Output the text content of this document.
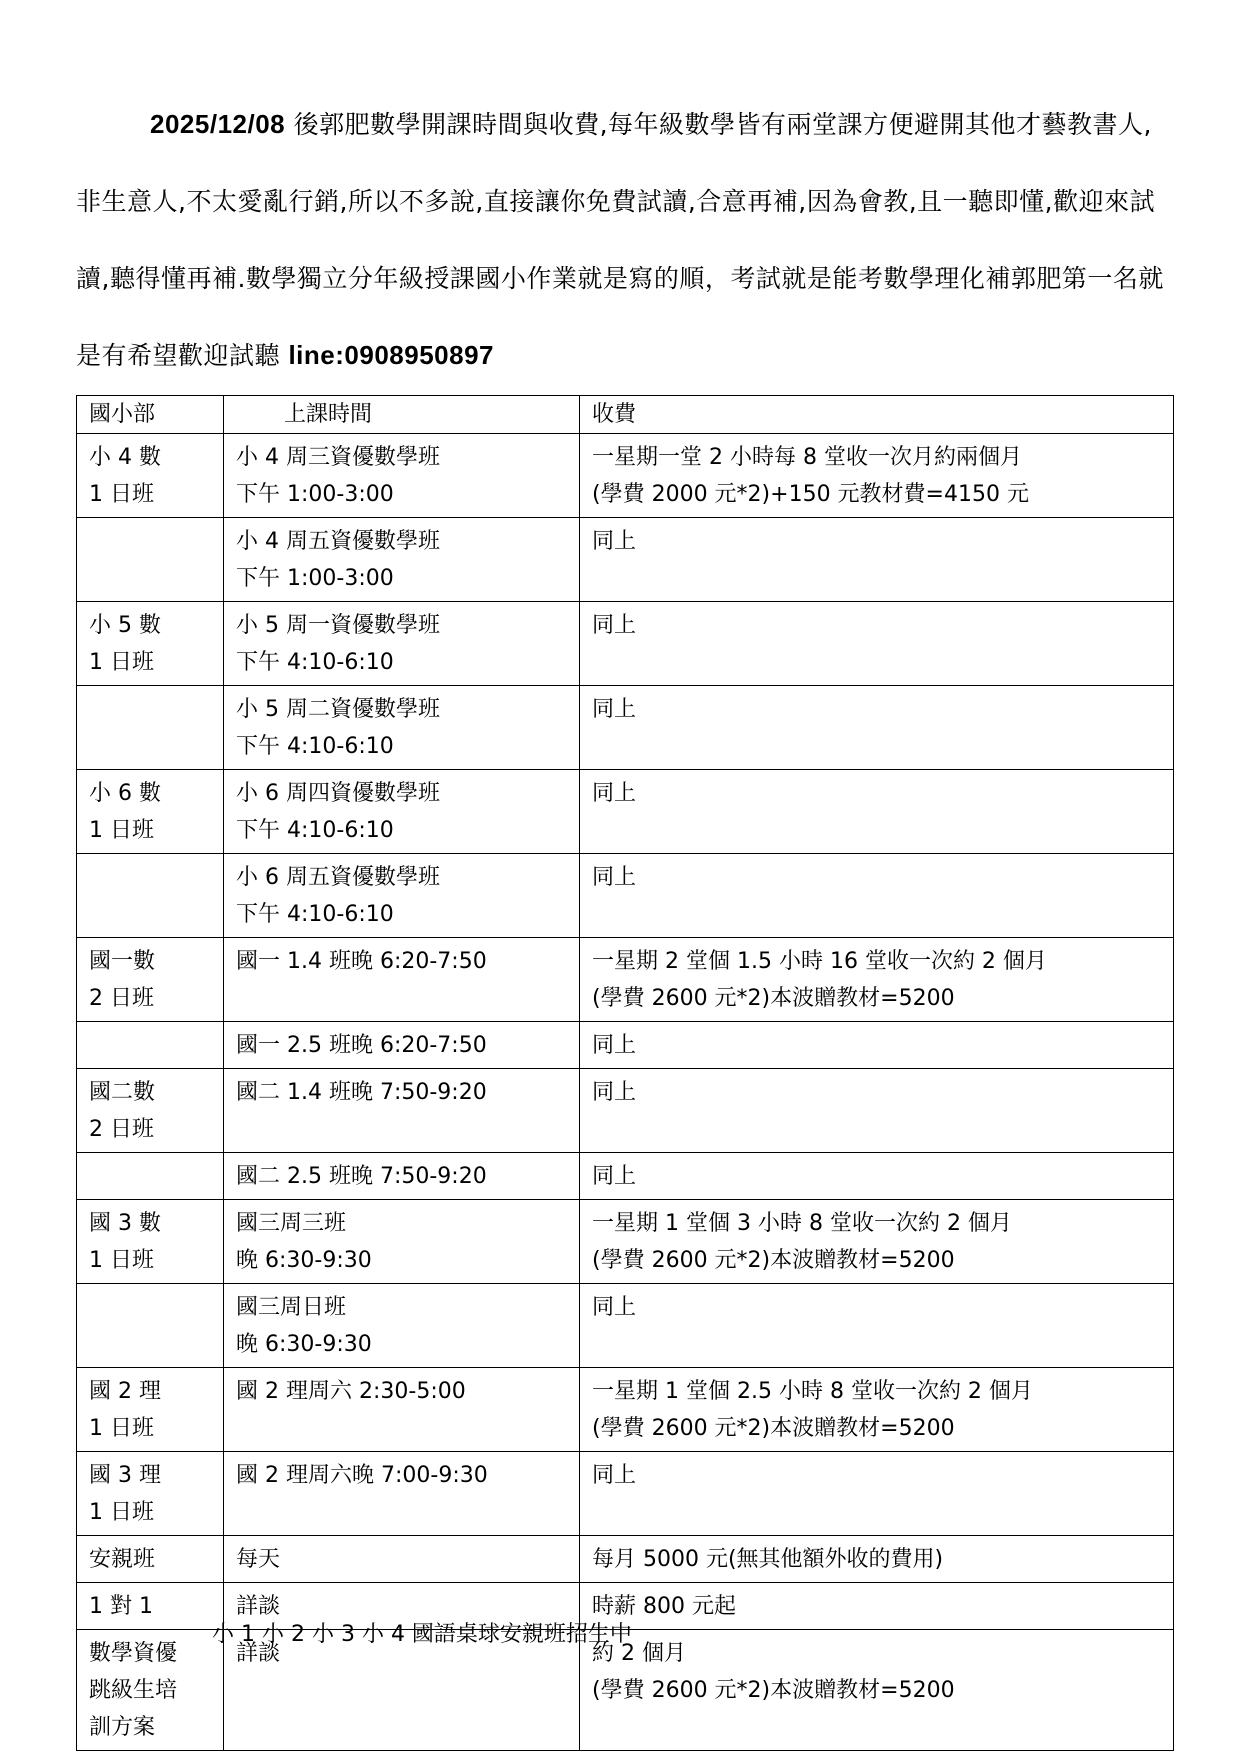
2025/12/08 後郭肥數學開課時間與收費,每年級數學皆有兩堂課方便避開其他才藝教書人,非生意人,不太愛亂行銷,所以不多說,直接讓你免費試讀,合意再補,因為會教,且一聽即懂,歡迎來試讀,聽得懂再補.數學獨立分年級授課國小作業就是寫的順，考試就是能考數學理化補郭肥第一名就是有希望歡迎試聽 line:0908950897

國小部	上課時間	收費

小 4 數
1 日班	小 4 周三資優數學班
下午 1:00-3:00	一星期一堂 2 小時每 8 堂收一次月約兩個月
(學費 2000 元*2)+150 元教材費=4150 元

	小 4 周五資優數學班
下午 1:00-3:00	同上

小 5 數
1 日班	小 5 周一資優數學班
下午 4:10-6:10	同上

	小 5 周二資優數學班
下午 4:10-6:10	同上

小 6 數
1 日班	小 6 周四資優數學班
下午 4:10-6:10	同上

	小 6 周五資優數學班
下午 4:10-6:10	同上

國一數
2 日班	國一 1.4 班晚 6:20-7:50	一星期 2 堂個 1.5 小時 16 堂收一次約 2 個月
(學費 2600 元*2)本波贈教材=5200

	國一 2.5 班晚 6:20-7:50	同上

國二數
2 日班	國二 1.4 班晚 7:50-9:20	同上

	國二 2.5 班晚 7:50-9:20	同上

國 3 數
1 日班	國三周三班
晚 6:30-9:30	一星期 1 堂個 3 小時 8 堂收一次約 2 個月
(學費 2600 元*2)本波贈教材=5200

	國三周日班
晚 6:30-9:30	同上

國 2 理
1 日班	國 2 理周六 2:30-5:00	一星期 1 堂個 2.5 小時 8 堂收一次約 2 個月
(學費 2600 元*2)本波贈教材=5200

國 3 理
1 日班	國 2 理周六晚 7:00-9:30	同上

安親班	每天	每月 5000 元(無其他額外收的費用)

1 對 1	詳談	時薪 800 元起

數學資優
跳級生培
訓方案	詳談	約 2 個月
(學費 2600 元*2)本波贈教材=5200

小 1 小 2 小 3 小 4 國語桌球安親班招生中
